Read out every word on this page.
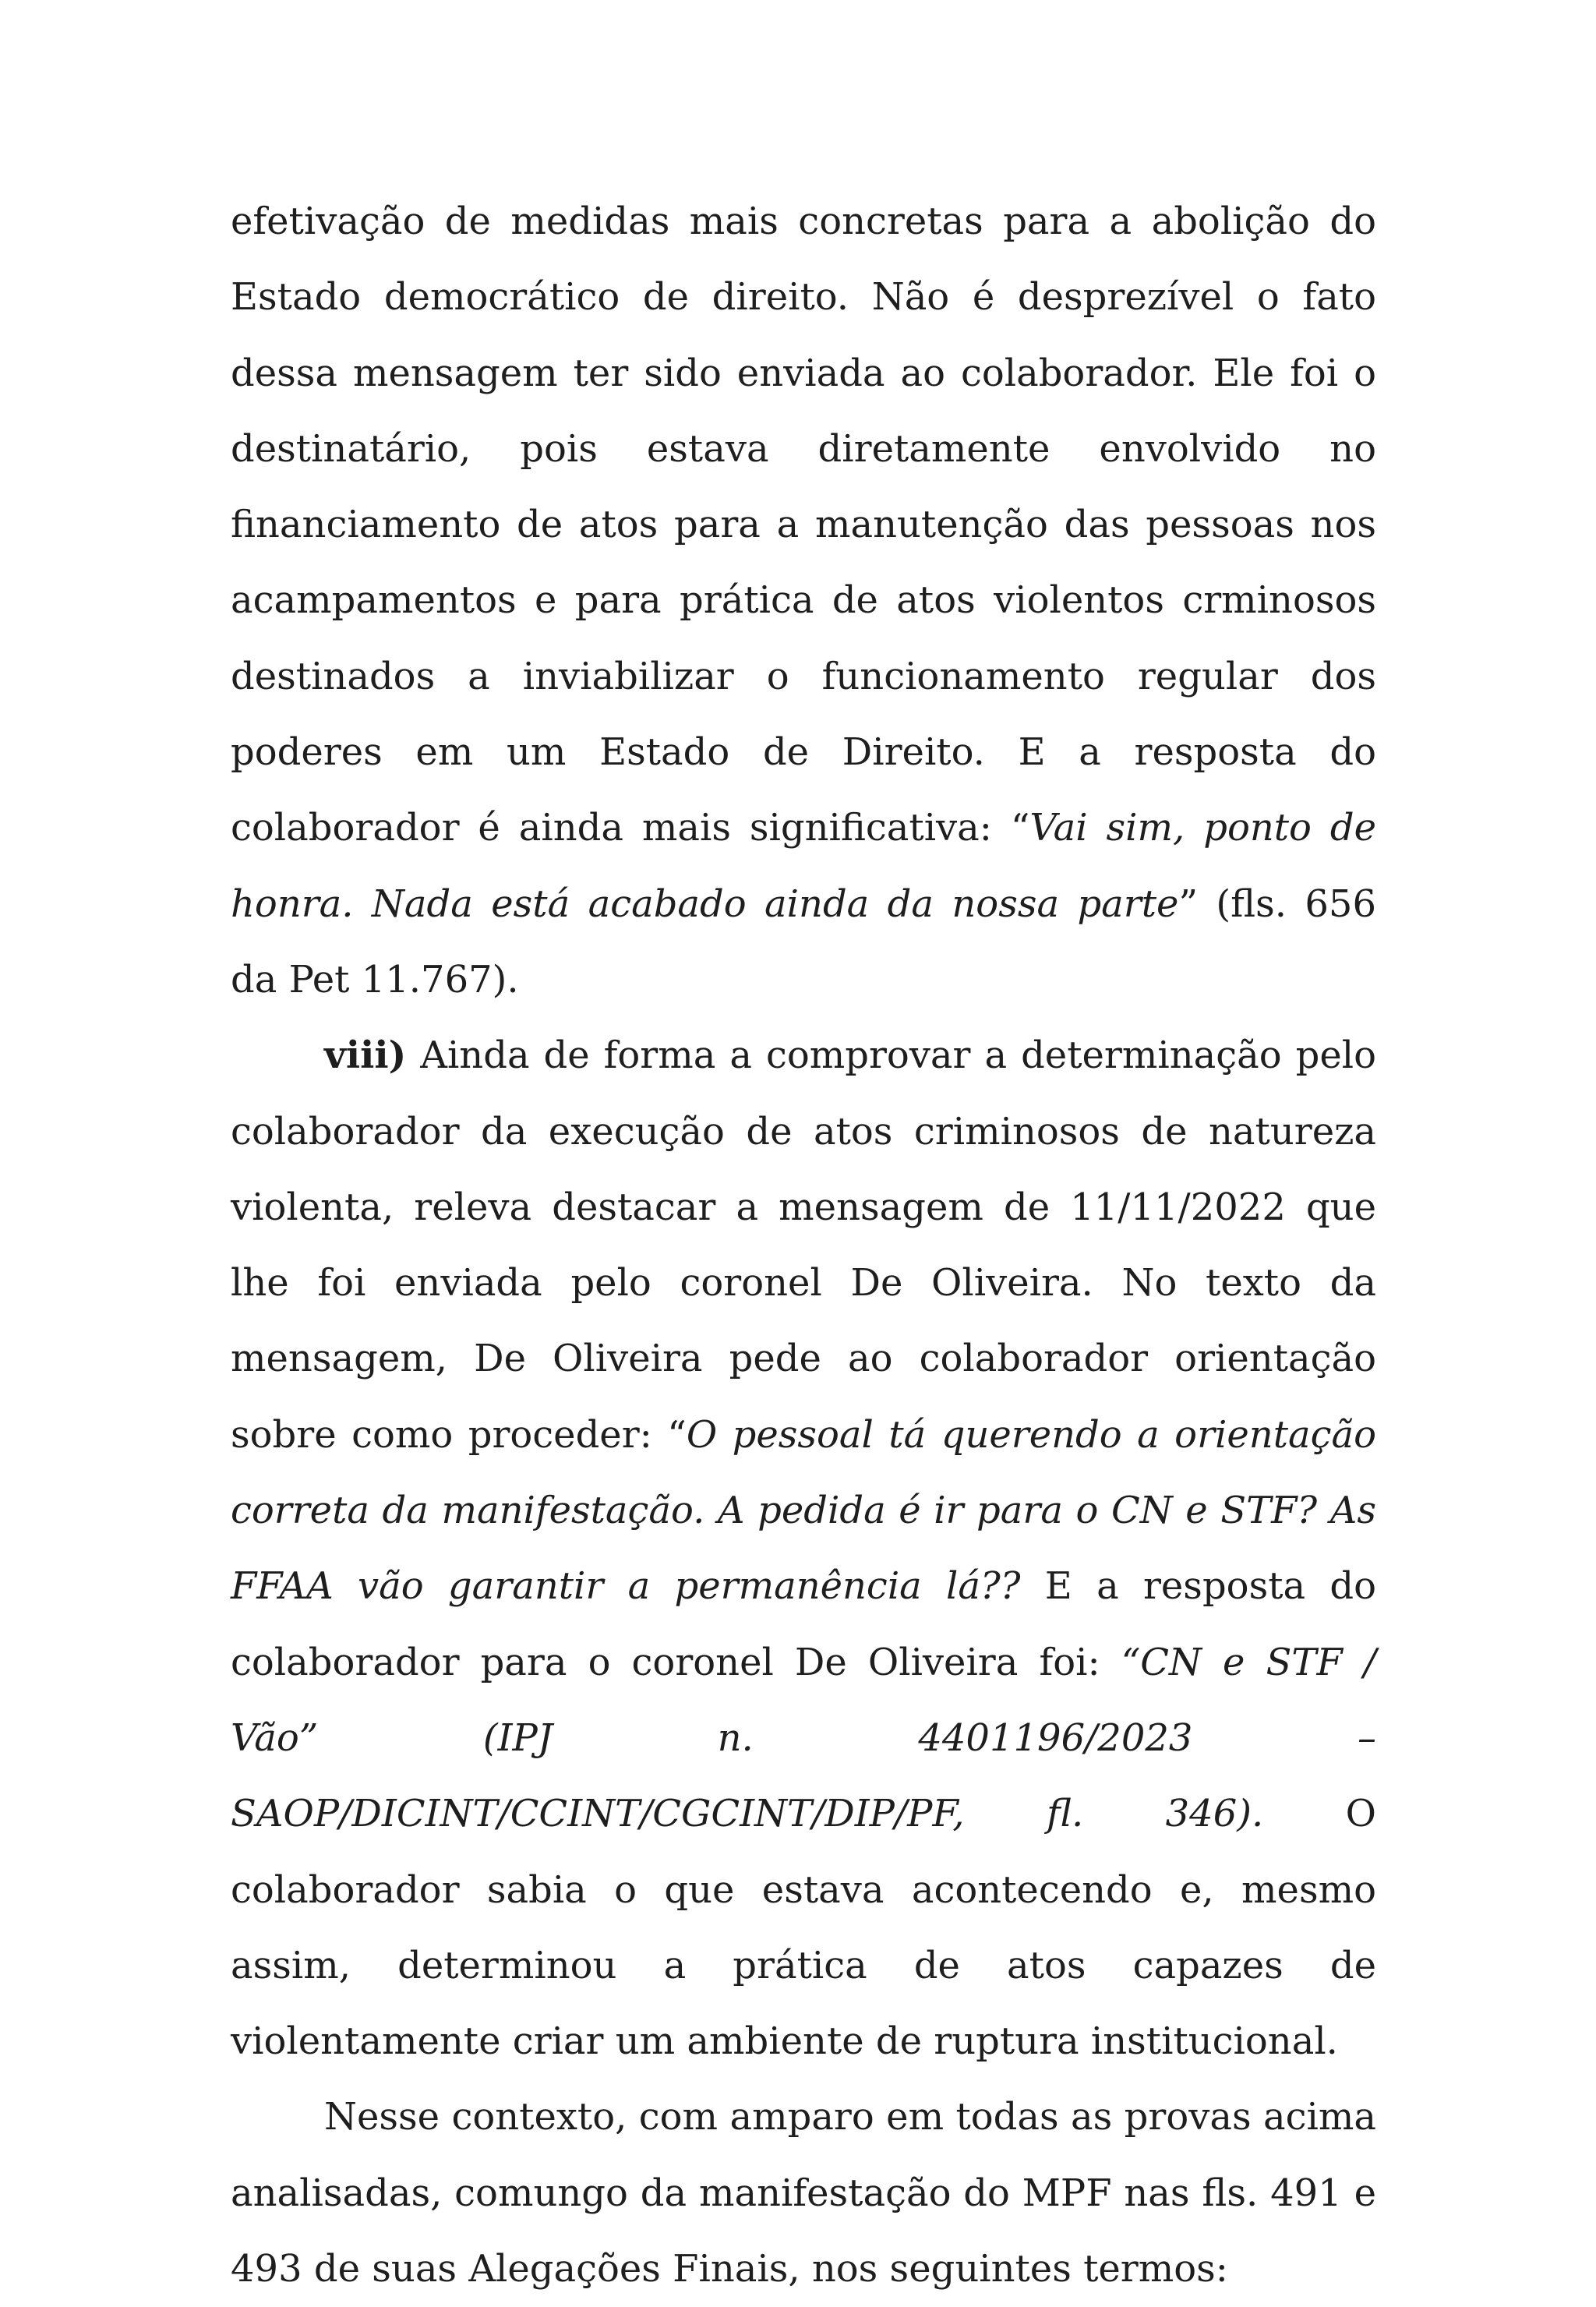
efetivação de medidas mais concretas para a abolição do Estado democrático de direito. Não é desprezível o fato dessa mensagem ter sido enviada ao colaborador. Ele foi o destinatário, pois estava diretamente envolvido no financiamento de atos para a manutenção das pessoas nos acampamentos e para prática de atos violentos crminosos destinados a inviabilizar o funcionamento regular dos poderes em um Estado de Direito. E a resposta do colaborador é ainda mais significativa: “Vai sim, ponto de honra. Nada está acabado ainda da nossa parte” (fls. 656 da Pet 11.767).

viii) Ainda de forma a comprovar a determinação pelo colaborador da execução de atos criminosos de natureza violenta, releva destacar a mensagem de 11/11/2022 que lhe foi enviada pelo coronel De Oliveira. No texto da mensagem, De Oliveira pede ao colaborador orientação sobre como proceder: “O pessoal tá querendo a orientação correta da manifestação. A pedida é ir para o CN e STF? As FFAA vão garantir a permanência lá?? E a resposta do colaborador para o coronel De Oliveira foi: “CN e STF / Vão” (IPJ n. 4401196/2023 – SAOP/DICINT/CCINT/CGCINT/DIP/PF, fl. 346). O colaborador sabia o que estava acontecendo e, mesmo assim, determinou a prática de atos capazes de violentamente criar um ambiente de ruptura institucional.

Nesse contexto, com amparo em todas as provas acima analisadas, comungo da manifestação do MPF nas fls. 491 e 493 de suas Alegações Finais, nos seguintes termos:
